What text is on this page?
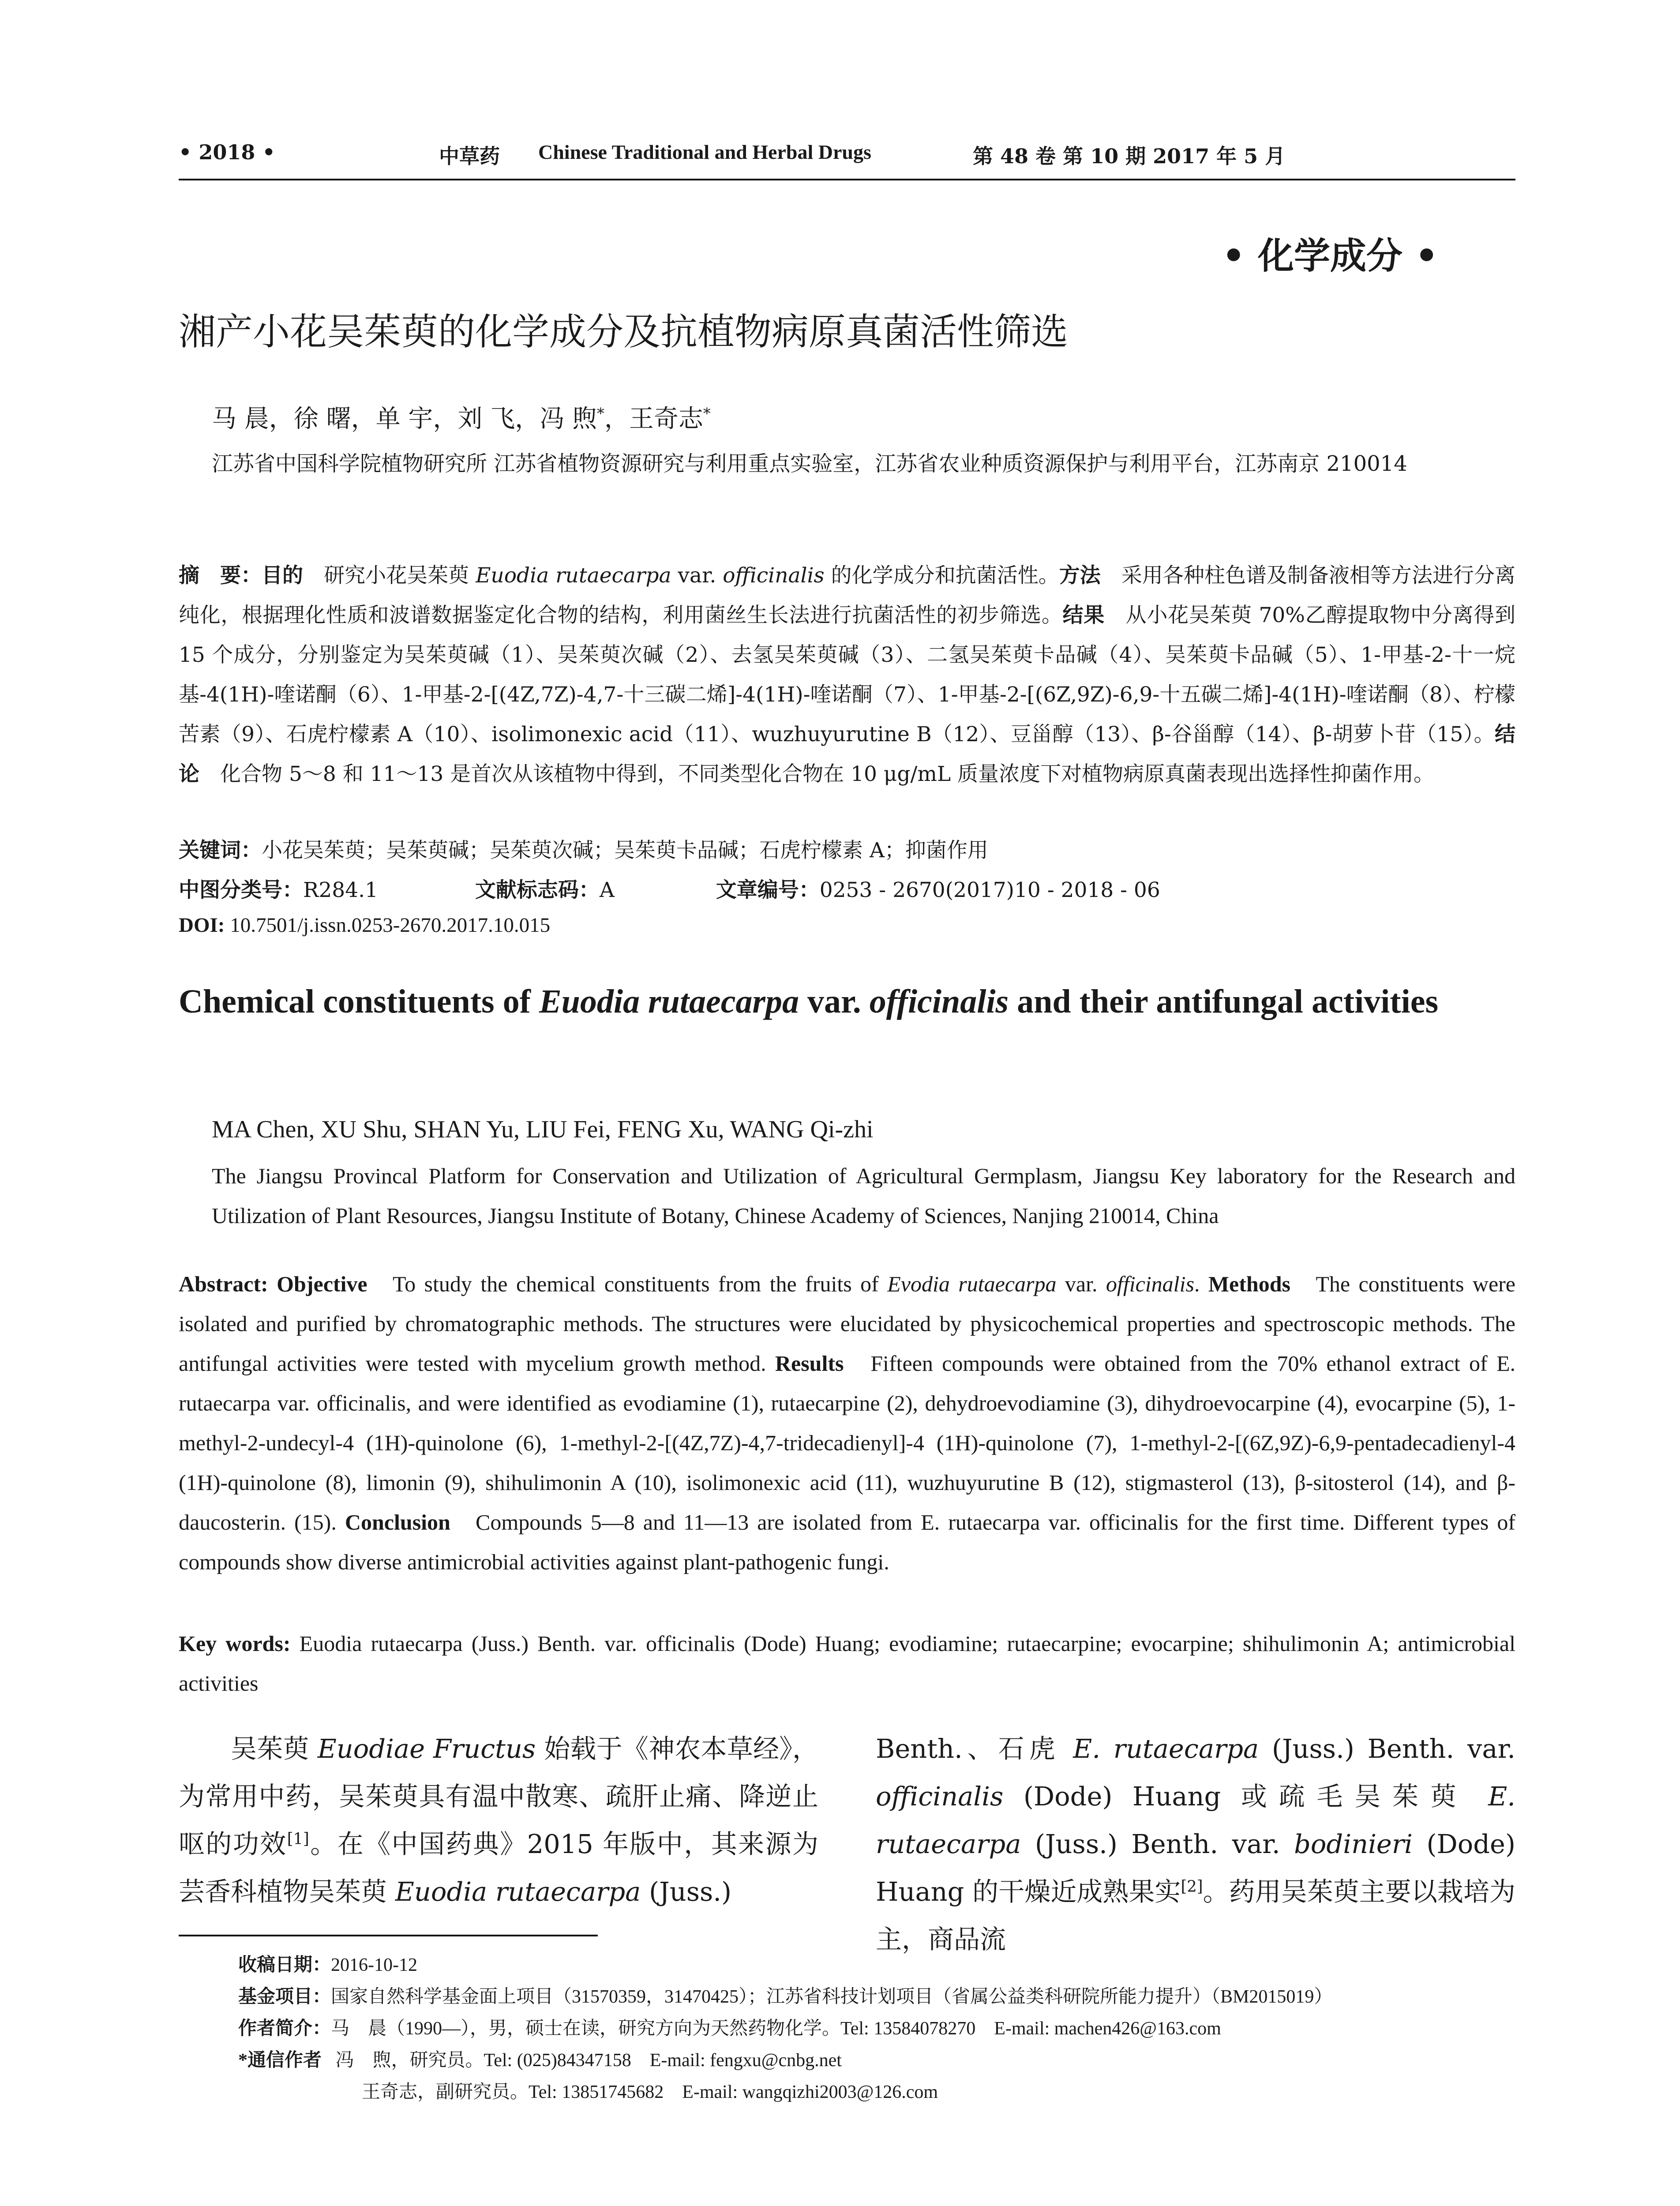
• 2018 •	中草药 Chinese Traditional and Herbal Drugs	第 48 卷 第 10 期 2017 年 5 月
• 化学成分 •
湘产小花吴茱萸的化学成分及抗植物病原真菌活性筛选
马 晨，徐 曙，单 宇，刘 飞，冯 煦*，王奇志*
江苏省中国科学院植物研究所 江苏省植物资源研究与利用重点实验室，江苏省农业种质资源保护与利用平台，江苏南京 210014
摘　要：目的　 研究小花吴茱萸 Euodia rutaecarpa var. officinalis 的化学成分和抗菌活性。方法　 采用各种柱色谱及制备液相等方法进行分离纯化，根据理化性质和波谱数据鉴定化合物的结构，利用菌丝生长法进行抗菌活性的初步筛选。结果　 从小花吴茱萸 70%乙醇提取物中分离得到 15 个成分，分别鉴定为吴茱萸碱（1）、吴茱萸次碱（2）、去氢吴茱萸碱（3）、二氢吴茱萸卡品碱（4）、吴茱萸卡品碱（5）、1-甲基-2-十一烷基-4(1H)-喹诺酮（6）、1-甲基-2-[(4Z,7Z)-4,7-十三碳二烯]-4(1H)-喹诺酮（7）、1-甲基-2-[(6Z,9Z)-6,9-十五碳二烯]-4(1H)-喹诺酮（8）、柠檬苦素（9）、石虎柠檬素 A（10）、isolimonexic acid（11）、wuzhuyurutine B（12）、豆甾醇（13）、β-谷甾醇（14）、β-胡萝卜苷（15）。结论　 化合物 5～8 和 11～13 是首次从该植物中得到，不同类型化合物在 10 μg/mL 质量浓度下对植物病原真菌表现出选择性抑菌作用。
关键词：小花吴茱萸；吴茱萸碱；吴茱萸次碱；吴茱萸卡品碱；石虎柠檬素 A；抑菌作用
中图分类号：R284.1	文献标志码：A	文章编号：0253 - 2670(2017)10 - 2018 - 06
DOI: 10.7501/j.issn.0253-2670.2017.10.015
Chemical constituents of Euodia rutaecarpa var. officinalis and their antifungal activities
MA Chen, XU Shu, SHAN Yu, LIU Fei, FENG Xu, WANG Qi-zhi
The Jiangsu Provincal Platform for Conservation and Utilization of Agricultural Germplasm, Jiangsu Key laboratory for the Research and Utilization of Plant Resources, Jiangsu Institute of Botany, Chinese Academy of Sciences, Nanjing 210014, China
Abstract: Objective To study the chemical constituents from the fruits of Evodia rutaecarpa var. officinalis. Methods The constituents were isolated and purified by chromatographic methods. The structures were elucidated by physicochemical properties and spectroscopic methods. The antifungal activities were tested with mycelium growth method. Results Fifteen compounds were obtained from the 70% ethanol extract of E. rutaecarpa var. officinalis, and were identified as evodiamine (1), rutaecarpine (2), dehydroevodiamine (3), dihydroevocarpine (4), evocarpine (5), 1-methyl-2-undecyl-4 (1H)-quinolone (6), 1-methyl-2-[(4Z,7Z)-4,7-tridecadienyl]-4 (1H)-quinolone (7), 1-methyl-2-[(6Z,9Z)-6,9-pentadecadienyl-4 (1H)-quinolone (8), limonin (9), shihulimonin A (10), isolimonexic acid (11), wuzhuyurutine B (12), stigmasterol (13), β-sitosterol (14), and β-daucosterin. (15). Conclusion Compounds 5—8 and 11—13 are isolated from E. rutaecarpa var. officinalis for the first time. Different types of compounds show diverse antimicrobial activities against plant-pathogenic fungi.
Key words: Euodia rutaecarpa (Juss.) Benth. var. officinalis (Dode) Huang; evodiamine; rutaecarpine; evocarpine; shihulimonin A; antimicrobial activities
吴茱萸 Euodiae Fructus 始载于《神农本草经》，为常用中药，吴茱萸具有温中散寒、疏肝止痛、降逆止呕的功效[1]。在《中国药典》2015 年版中，其来源为芸香科植物吴茱萸 Euodia rutaecarpa (Juss.)
Benth.、石虎 E. rutaecarpa (Juss.) Benth. var. officinalis (Dode) Huang 或疏毛吴茱萸 E. rutaecarpa (Juss.) Benth. var. bodinieri (Dode) Huang 的干燥近成熟果实[2]。药用吴茱萸主要以栽培为主，商品流
收稿日期：2016-10-12
基金项目：国家自然科学基金面上项目（31570359，31470425）；江苏省科技计划项目（省属公益类科研院所能力提升）（BM2015019）
作者简介：马　晨（1990—），男，硕士在读，研究方向为天然药物化学。Tel: 13584078270　E-mail: machen426@163.com
*通信作者 冯　煦，研究员。Tel: (025)84347158　E-mail: fengxu@cnbg.net
王奇志，副研究员。Tel: 13851745682　E-mail: wangqizhi2003@126.com
